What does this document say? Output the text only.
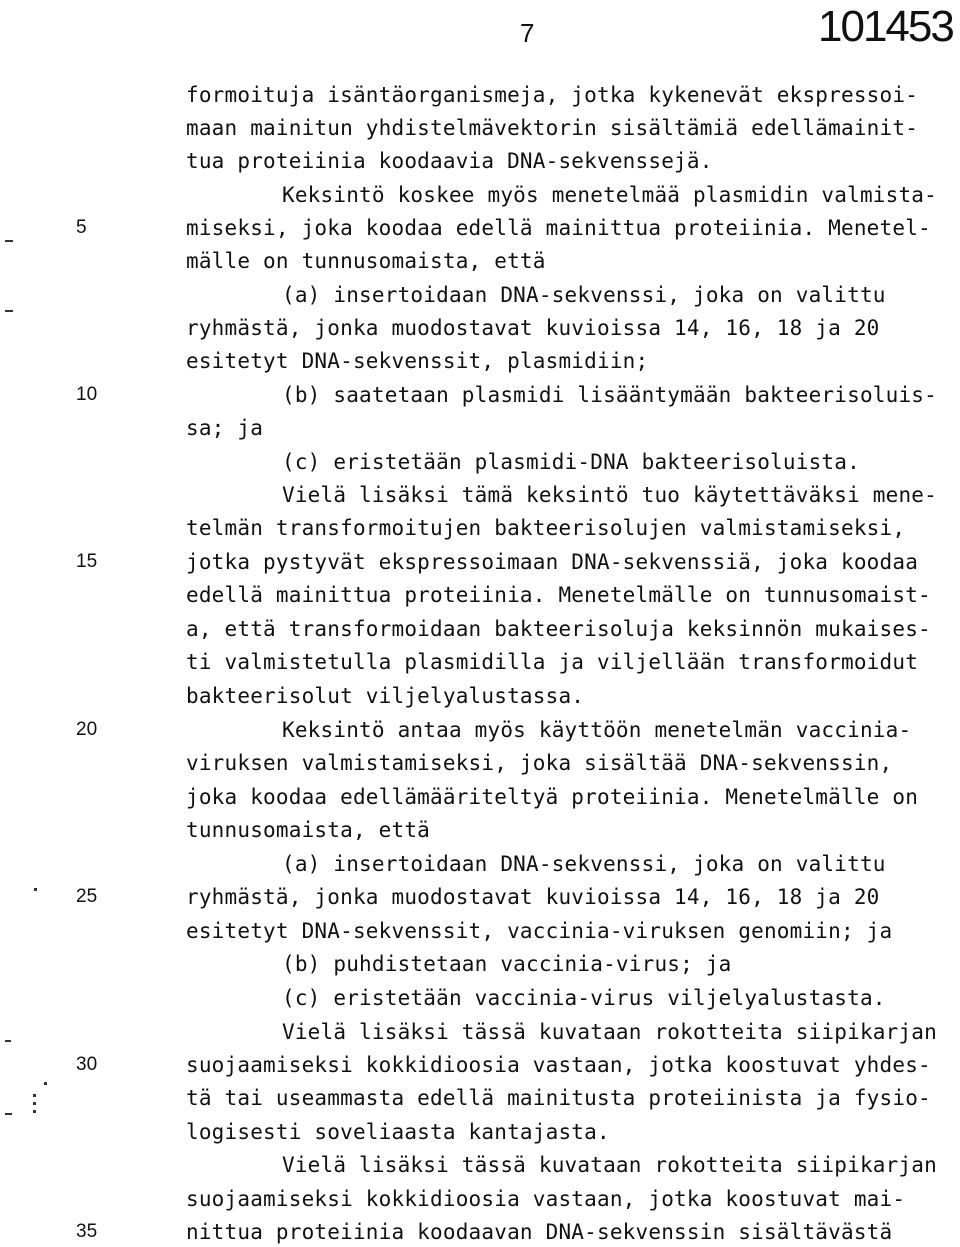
7	101453
formoituja isäntäorganismeja, jotka kykenevät ekspressoi-
maan mainitun yhdistelmävektorin sisältämiä edellämainit-
tua proteiinia koodaavia DNA-sekvenssejä.
Keksintö koskee myös menetelmää plasmidin valmista-
miseksi, joka koodaa edellä mainittua proteiinia. Menetel-
mälle on tunnusomaista, että
(a) insertoidaan DNA-sekvenssi, joka on valittu
ryhmästä, jonka muodostavat kuvioissa 14, 16, 18 ja 20
esitetyt DNA-sekvenssit, plasmidiin;
(b) saatetaan plasmidi lisääntymään bakteerisoluis-
sa; ja
(c) eristetään plasmidi-DNA bakteerisoluista.
Vielä lisäksi tämä keksintö tuo käytettäväksi mene-
telmän transformoitujen bakteerisolujen valmistamiseksi,
jotka pystyvät ekspressoimaan DNA-sekvenssiä, joka koodaa
edellä mainittua proteiinia. Menetelmälle on tunnusomaist-
a, että transformoidaan bakteerisoluja keksinnön mukaises-
ti valmistetulla plasmidilla ja viljellään transformoidut
bakteerisolut viljelyalustassa.
Keksintö antaa myös käyttöön menetelmän vaccinia-
viruksen valmistamiseksi, joka sisältää DNA-sekvenssin,
joka koodaa edellämääriteltyä proteiinia. Menetelmälle on
tunnusomaista, että
(a) insertoidaan DNA-sekvenssi, joka on valittu
ryhmästä, jonka muodostavat kuvioissa 14, 16, 18 ja 20
esitetyt DNA-sekvenssit, vaccinia-viruksen genomiin; ja
(b) puhdistetaan vaccinia-virus; ja
(c) eristetään vaccinia-virus viljelyalustasta.
Vielä lisäksi tässä kuvataan rokotteita siipikarjan
suojaamiseksi kokkidioosia vastaan, jotka koostuvat yhdes-
tä tai useammasta edellä mainitusta proteiinista ja fysio-
logisesti soveliaasta kantajasta.
Vielä lisäksi tässä kuvataan rokotteita siipikarjan
suojaamiseksi kokkidioosia vastaan, jotka koostuvat mai-
nittua proteiinia koodaavan DNA-sekvenssin sisältävästä
5
10
15
20
25
30
35
